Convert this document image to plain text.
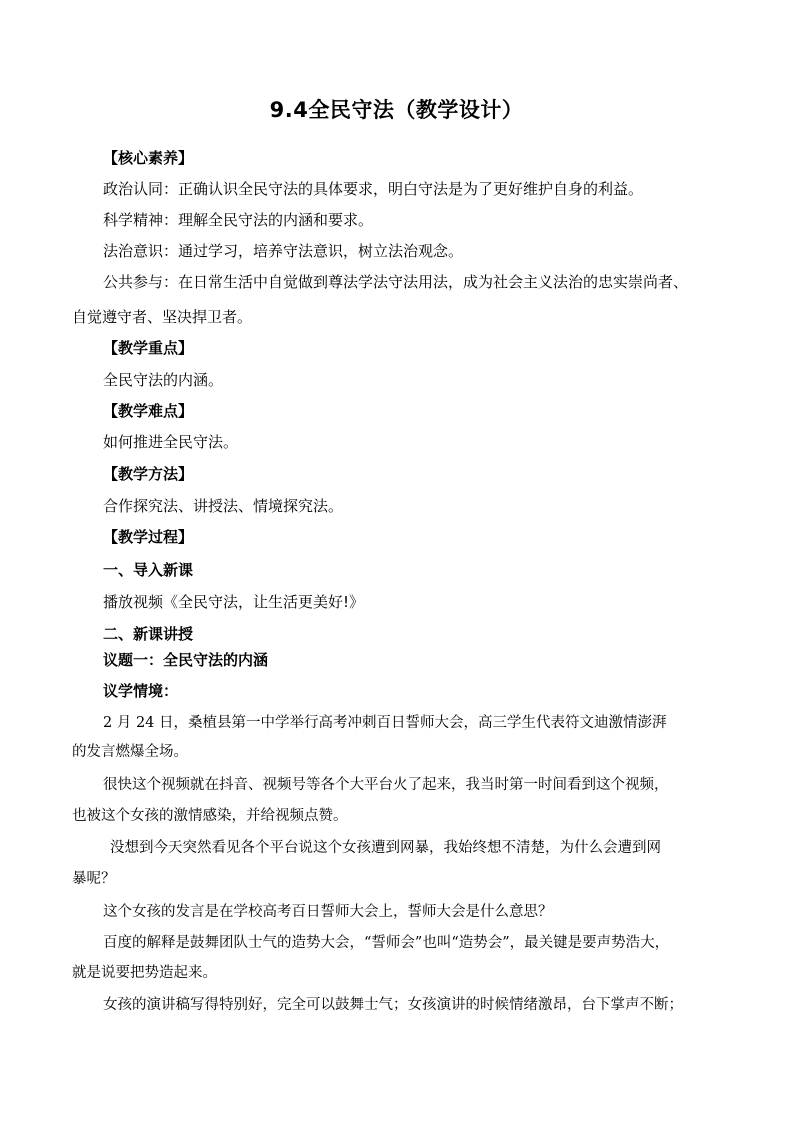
9.4全民守法（教学设计）
【核心素养】
政治认同：正确认识全民守法的具体要求，明白守法是为了更好维护自身的利益。
科学精神：理解全民守法的内涵和要求。
法治意识：通过学习，培养守法意识，树立法治观念。
公共参与：在日常生活中自觉做到尊法学法守法用法，成为社会主义法治的忠实崇尚者、
自觉遵守者、坚决捍卫者。
【教学重点】
全民守法的内涵。
【教学难点】
如何推进全民守法。
【教学方法】
合作探究法、讲授法、情境探究法。
【教学过程】
一、导入新课
播放视频《全民守法，让生活更美好!》
二、新课讲授
议题一：全民守法的内涵
议学情境：
2 月 24 日，桑植县第一中学举行高考冲刺百日誓师大会，高三学生代表符文迪激情澎湃
的发言燃爆全场。
很快这个视频就在抖音、视频号等各个大平台火了起来，我当时第一时间看到这个视频，
也被这个女孩的激情感染，并给视频点赞。
没想到今天突然看见各个平台说这个女孩遭到网暴，我始终想不清楚，为什么会遭到网
暴呢？
这个女孩的发言是在学校高考百日誓师大会上，誓师大会是什么意思？
百度的解释是鼓舞团队士气的造势大会，“誓师会”也叫“造势会”，最关键是要声势浩大，
就是说要把势造起来。
女孩的演讲稿写得特别好，完全可以鼓舞士气；女孩演讲的时候情绪激昂，台下掌声不断；
